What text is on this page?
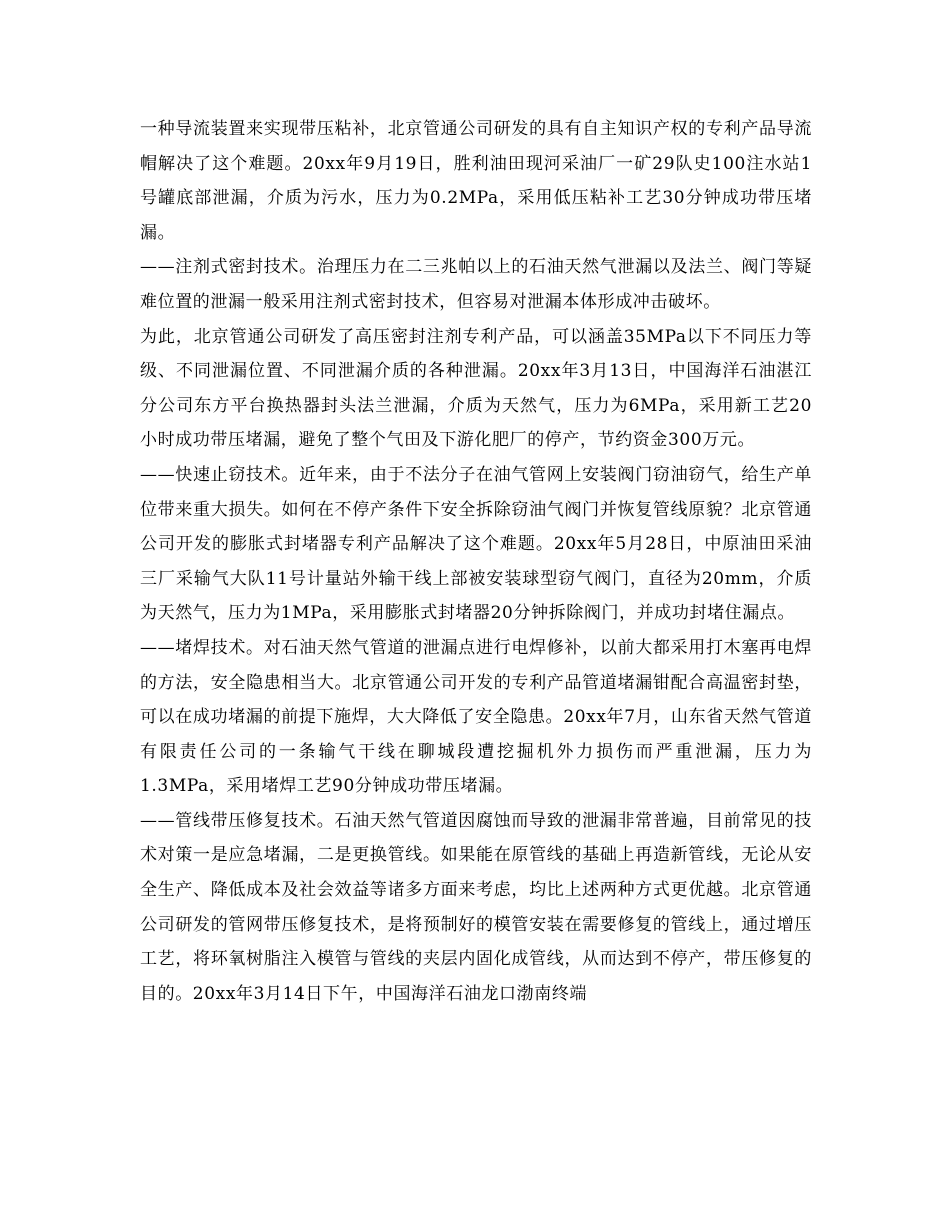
一种导流装置来实现带压粘补，北京管通公司研发的具有自主知识产权的专利产品导流帽解决了这个难题。20xx年9月19日，胜利油田现河采油厂一矿29队史100注水站1号罐底部泄漏，介质为污水，压力为0.2MPa，采用低压粘补工艺30分钟成功带压堵漏。

——注剂式密封技术。治理压力在二三兆帕以上的石油天然气泄漏以及法兰、阀门等疑难位置的泄漏一般采用注剂式密封技术，但容易对泄漏本体形成冲击破坏。

为此，北京管通公司研发了高压密封注剂专利产品，可以涵盖35MPa以下不同压力等级、不同泄漏位置、不同泄漏介质的各种泄漏。20xx年3月13日，中国海洋石油湛江分公司东方平台换热器封头法兰泄漏，介质为天然气，压力为6MPa，采用新工艺20小时成功带压堵漏，避免了整个气田及下游化肥厂的停产，节约资金300万元。

——快速止窃技术。近年来，由于不法分子在油气管网上安装阀门窃油窃气，给生产单位带来重大损失。如何在不停产条件下安全拆除窃油气阀门并恢复管线原貌？北京管通公司开发的膨胀式封堵器专利产品解决了这个难题。20xx年5月28日，中原油田采油三厂采输气大队11号计量站外输干线上部被安装球型窃气阀门，直径为20mm，介质为天然气，压力为1MPa，采用膨胀式封堵器20分钟拆除阀门，并成功封堵住漏点。

——堵焊技术。对石油天然气管道的泄漏点进行电焊修补，以前大都采用打木塞再电焊的方法，安全隐患相当大。北京管通公司开发的专利产品管道堵漏钳配合高温密封垫，可以在成功堵漏的前提下施焊，大大降低了安全隐患。20xx年7月，山东省天然气管道有限责任公司的一条输气干线在聊城段遭挖掘机外力损伤而严重泄漏，压力为1.3MPa，采用堵焊工艺90分钟成功带压堵漏。

——管线带压修复技术。石油天然气管道因腐蚀而导致的泄漏非常普遍，目前常见的技术对策一是应急堵漏，二是更换管线。如果能在原管线的基础上再造新管线，无论从安全生产、降低成本及社会效益等诸多方面来考虑，均比上述两种方式更优越。北京管通公司研发的管网带压修复技术，是将预制好的模管安装在需要修复的管线上，通过增压工艺，将环氧树脂注入模管与管线的夹层内固化成管线，从而达到不停产，带压修复的目的。20xx年3月14日下午，中国海洋石油龙口渤南终端
